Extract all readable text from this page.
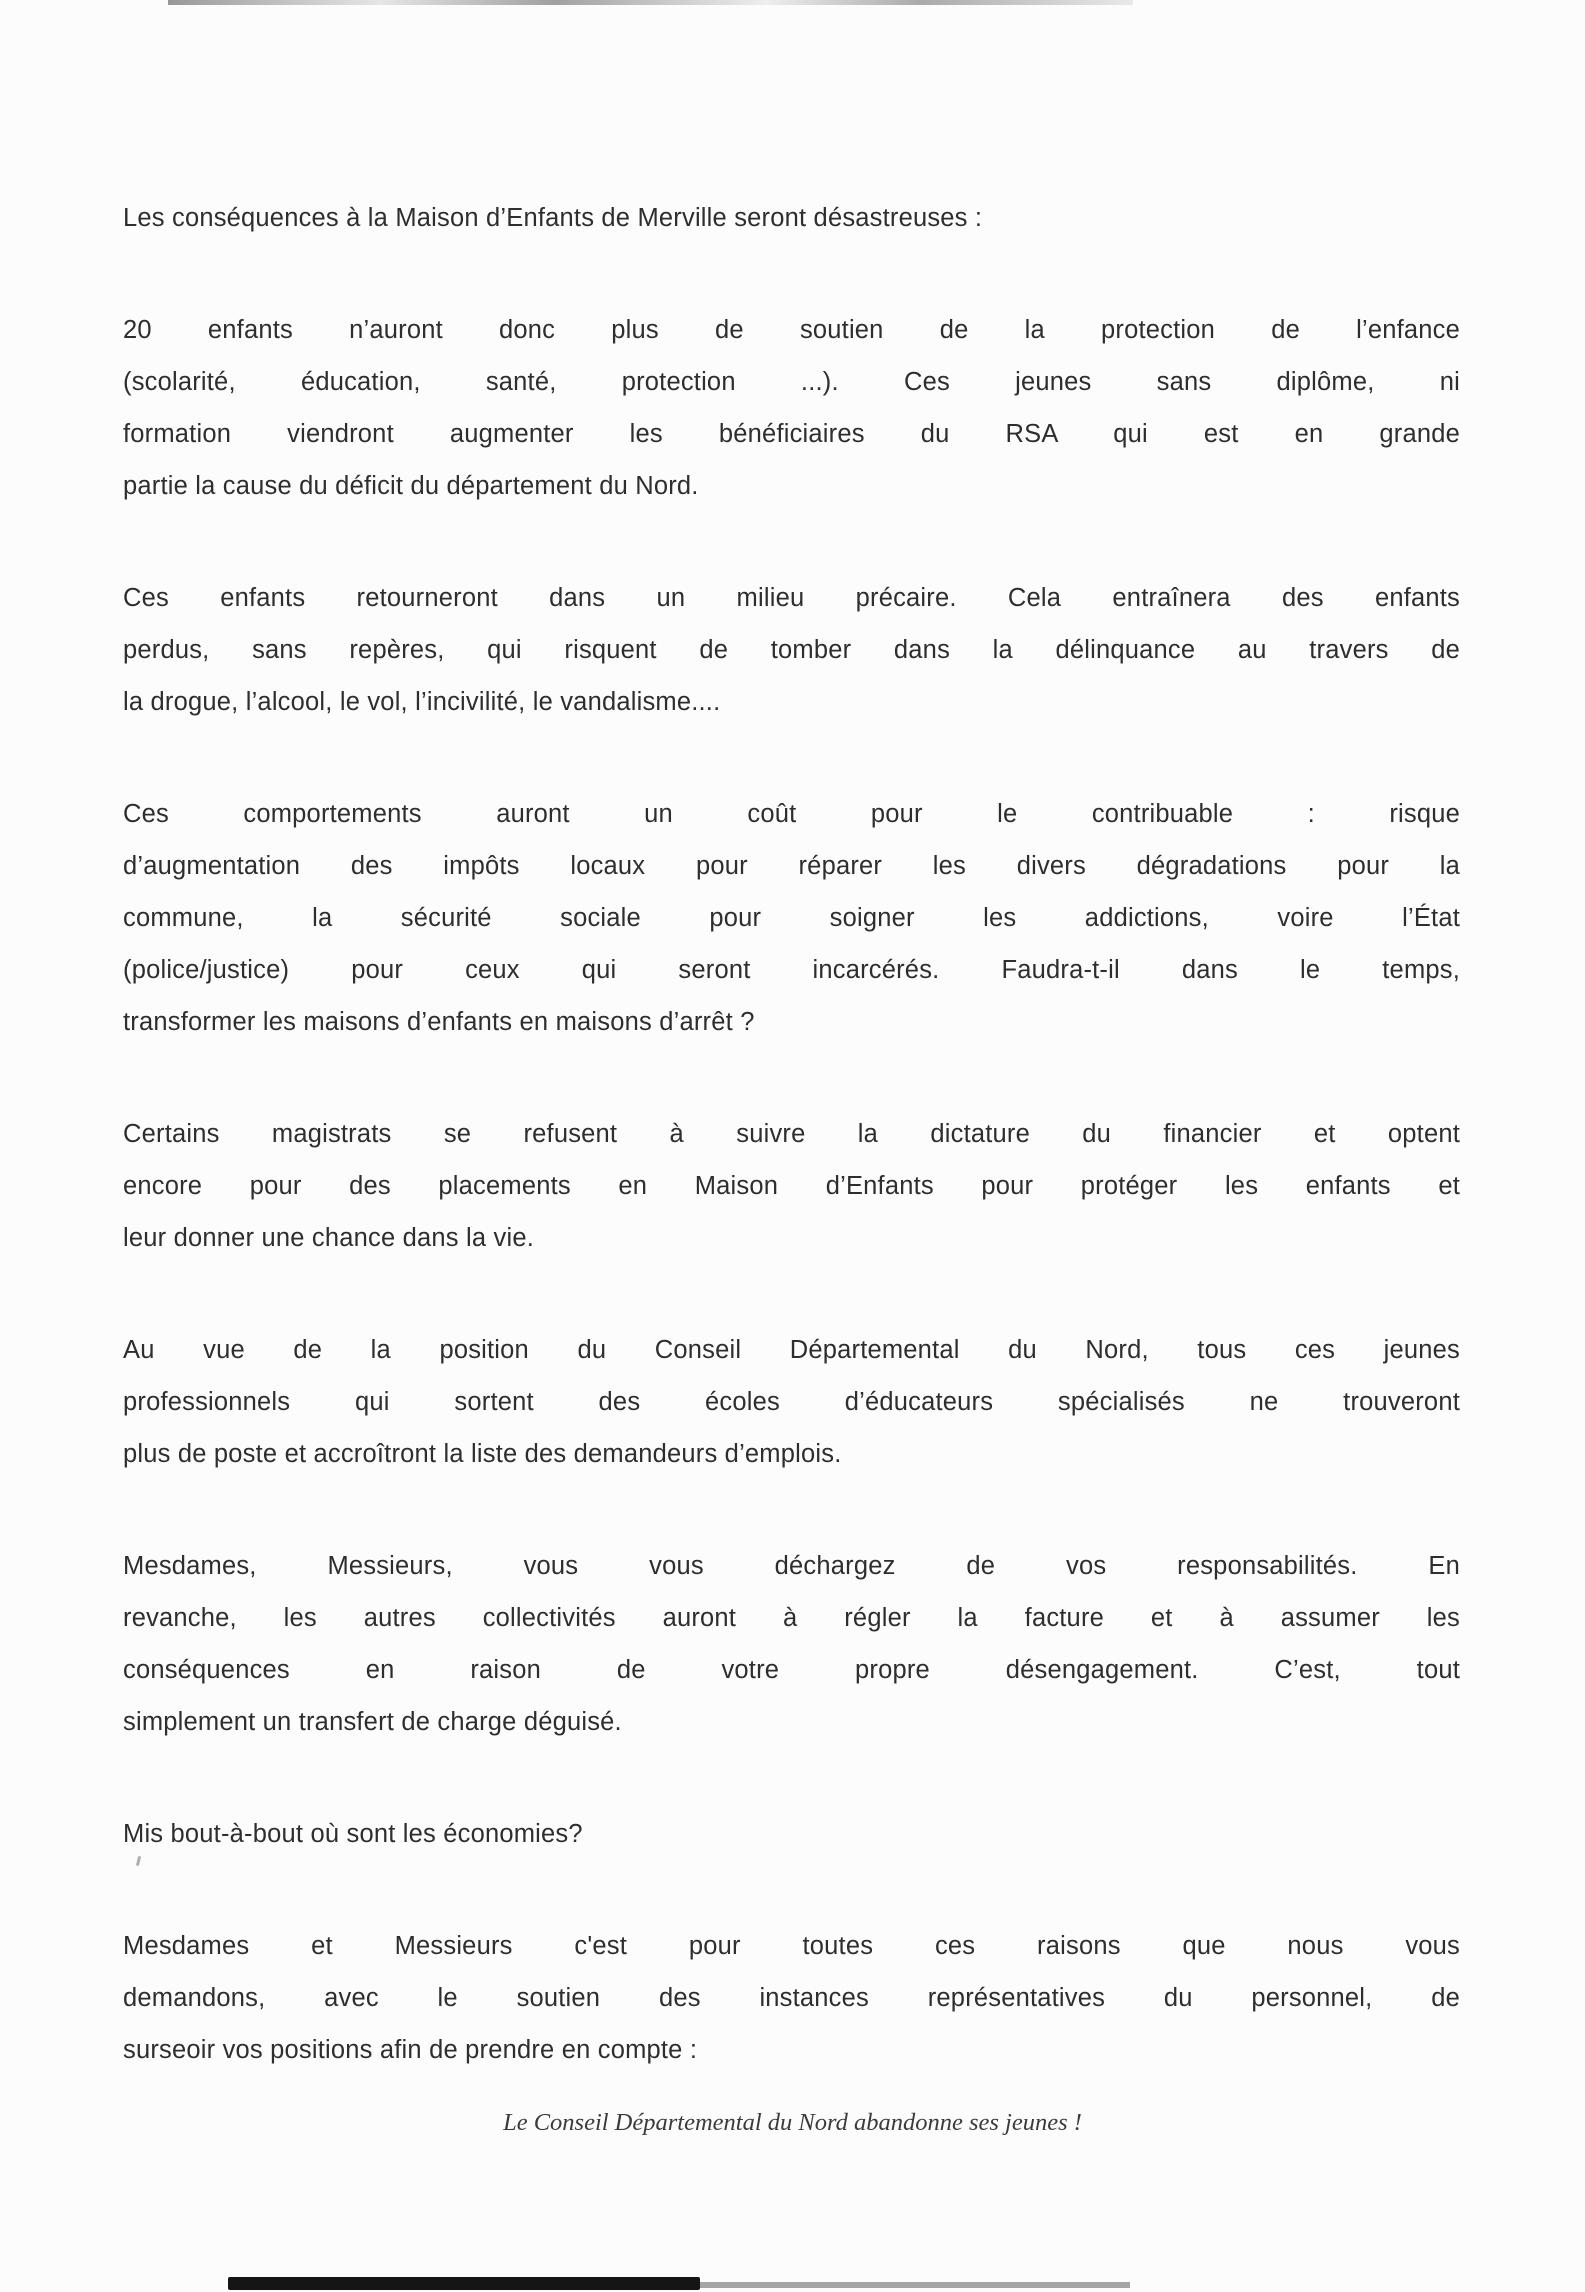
Les conséquences à la Maison d’Enfants de Merville seront désastreuses :
20 enfants n’auront donc plus de soutien de la protection de l’enfance
(scolarité, éducation, santé, protection ...). Ces jeunes sans diplôme, ni
formation viendront augmenter les bénéficiaires du RSA qui est en grande
partie la cause du déficit du département du Nord.
Ces enfants retourneront dans un milieu précaire. Cela entraînera des enfants
perdus, sans repères, qui risquent de tomber dans la délinquance au travers de
la drogue, l’alcool, le vol, l’incivilité, le vandalisme....
Ces comportements auront un coût pour le contribuable : risque
d’augmentation des impôts locaux pour réparer les divers dégradations pour la
commune, la sécurité sociale pour soigner les addictions, voire l’État
(police/justice) pour ceux qui seront incarcérés. Faudra-t-il dans le temps,
transformer les maisons d’enfants en maisons d’arrêt ?
Certains magistrats se refusent à suivre la dictature du financier et optent
encore pour des placements en Maison d’Enfants pour protéger les enfants et
leur donner une chance dans la vie.
Au vue de la position du Conseil Départemental du Nord, tous ces jeunes
professionnels qui sortent des écoles d’éducateurs spécialisés ne trouveront
plus de poste et accroîtront la liste des demandeurs d’emplois.
Mesdames, Messieurs, vous vous déchargez de vos responsabilités. En
revanche, les autres collectivités auront à régler la facture et à assumer les
conséquences en raison de votre propre désengagement. C’est, tout
simplement un transfert de charge déguisé.
Mis bout-à-bout où sont les économies?
Mesdames et Messieurs c'est pour toutes ces raisons que nous vous
demandons, avec le soutien des instances représentatives du personnel, de
surseoir vos positions afin de prendre en compte :
Le Conseil Départemental du Nord abandonne ses jeunes !
